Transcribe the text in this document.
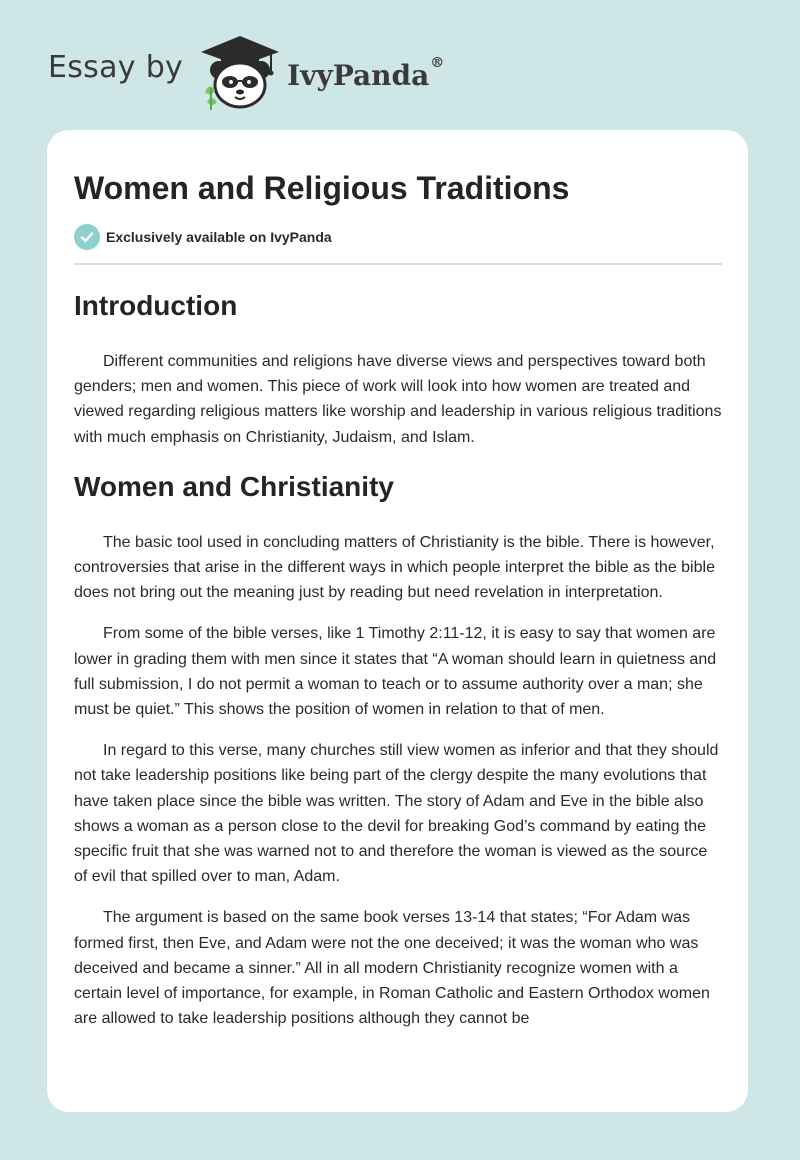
Essay by	IvyPanda®
Women and Religious Traditions
Exclusively available on IvyPanda
Introduction

Different communities and religions have diverse views and perspectives toward both genders; men and women. This piece of work will look into how women are treated and viewed regarding religious matters like worship and leadership in various religious traditions with much emphasis on Christianity, Judaism, and Islam.

Women and Christianity

The basic tool used in concluding matters of Christianity is the bible. There is however, controversies that arise in the different ways in which people interpret the bible as the bible does not bring out the meaning just by reading but need revelation in interpretation.

From some of the bible verses, like 1 Timothy 2:11-12, it is easy to say that women are lower in grading them with men since it states that “A woman should learn in quietness and full submission, I do not permit a woman to teach or to assume authority over a man; she must be quiet.” This shows the position of women in relation to that of men.

In regard to this verse, many churches still view women as inferior and that they should not take leadership positions like being part of the clergy despite the many evolutions that have taken place since the bible was written. The story of Adam and Eve in the bible also shows a woman as a person close to the devil for breaking God’s command by eating the specific fruit that she was warned not to and therefore the woman is viewed as the source of evil that spilled over to man, Adam.

The argument is based on the same book verses 13-14 that states; “For Adam was formed first, then Eve, and Adam were not the one deceived; it was the woman who was deceived and became a sinner.” All in all modern Christianity recognize women with a certain level of importance, for example, in Roman Catholic and Eastern Orthodox women are allowed to take leadership positions although they cannot be
